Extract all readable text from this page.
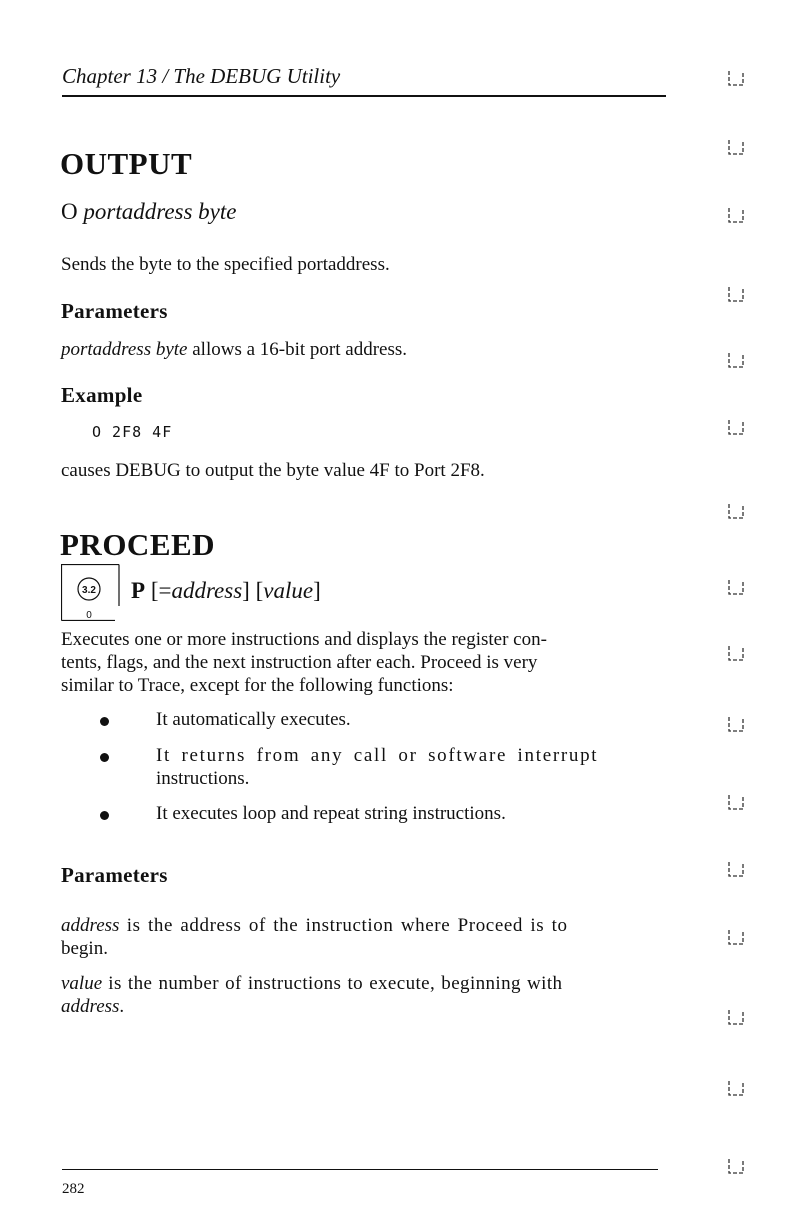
Chapter 13 / The DEBUG Utility
OUTPUT
O portaddress byte
Sends the byte to the specified portaddress.
Parameters
portaddress byte allows a 16-bit port address.
Example
O 2F8 4F
causes DEBUG to output the byte value 4F to Port 2F8.
PROCEED
3.2
0
P [=address] [value]
Executes one or more instructions and displays the register con-
tents, flags, and the next instruction after each. Proceed is very
similar to Trace, except for the following functions:
It automatically executes.
It returns from any call or software interrupt
instructions.
It executes loop and repeat string instructions.
Parameters
address is the address of the instruction where Proceed is to
begin.
value is the number of instructions to execute, beginning with
address.
282
